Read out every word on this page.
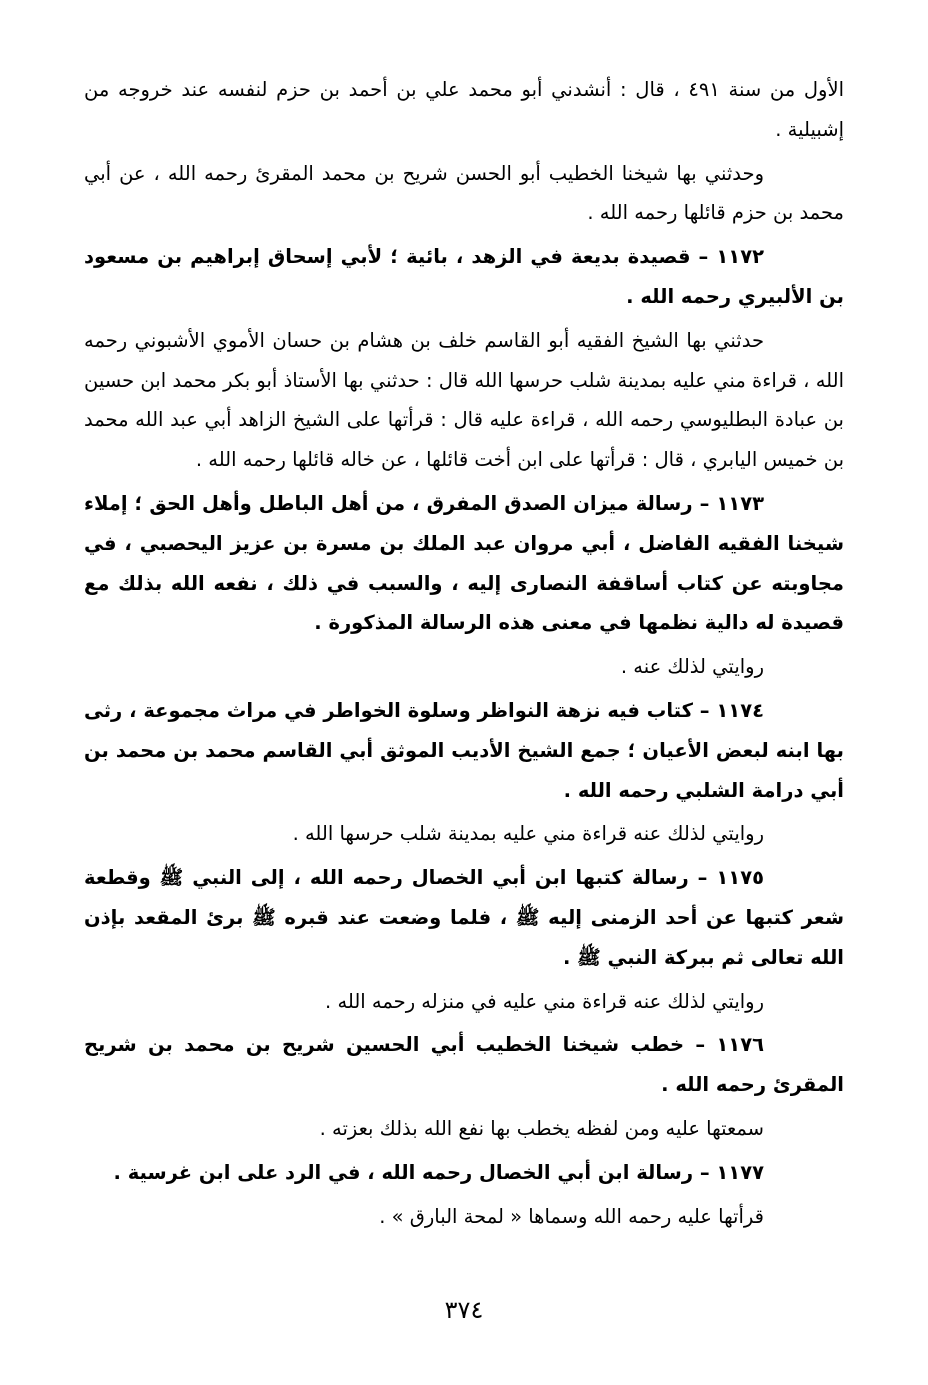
الأول من سنة ٤٩١ ، قال : أنشدني أبو محمد علي بن أحمد بن حزم لنفسه عند خروجه من إشبيلية .

وحدثني بها شيخنا الخطيب أبو الحسن شريح بن محمد المقرئ رحمه الله ، عن أبي محمد بن حزم قائلها رحمه الله .

١١٧٢ – قصيدة بديعة في الزهد ، بائية ؛ لأبي إسحاق إبراهيم بن مسعود بن الألبيري رحمه الله .

حدثني بها الشيخ الفقيه أبو القاسم خلف بن هشام بن حسان الأموي الأشبوني رحمه الله ، قراءة مني عليه بمدينة شلب حرسها الله قال : حدثني بها الأستاذ أبو بكر محمد ابن حسين بن عبادة البطليوسي رحمه الله ، قراءة عليه قال : قرأتها على الشيخ الزاهد أبي عبد الله محمد بن خميس اليابري ، قال : قرأتها على ابن أخت قائلها ، عن خاله قائلها رحمه الله .

١١٧٣ – رسالة ميزان الصدق المفرق ، من أهل الباطل وأهل الحق ؛ إملاء شيخنا الفقيه الفاضل ، أبي مروان عبد الملك بن مسرة بن عزيز اليحصبي ، في مجاوبته عن كتاب أساقفة النصارى إليه ، والسبب في ذلك ، نفعه الله بذلك مع قصيدة له دالية نظمها في معنى هذه الرسالة المذكورة .

روايتي لذلك عنه .

١١٧٤ – كتاب فيه نزهة النواظر وسلوة الخواطر في مراث مجموعة ، رثى بها ابنه لبعض الأعيان ؛ جمع الشيخ الأديب الموثق أبي القاسم محمد بن محمد بن أبي درامة الشلبي رحمه الله .

روايتي لذلك عنه قراءة مني عليه بمدينة شلب حرسها الله .

١١٧٥ – رسالة كتبها ابن أبي الخصال رحمه الله ، إلى النبي ﷺ وقطعة شعر كتبها عن أحد الزمنى إليه ﷺ ، فلما وضعت عند قبره ﷺ برئ المقعد بإذن الله تعالى ثم ببركة النبي ﷺ .

روايتي لذلك عنه قراءة مني عليه في منزله رحمه الله .

١١٧٦ – خطب شيخنا الخطيب أبي الحسين شريح بن محمد بن شريح المقرئ رحمه الله .

سمعتها عليه ومن لفظه يخطب بها نفع الله بذلك بعزته .

١١٧٧ – رسالة ابن أبي الخصال رحمه الله ، في الرد على ابن غرسية .

قرأتها عليه رحمه الله وسماها « لمحة البارق » .

٣٧٤
